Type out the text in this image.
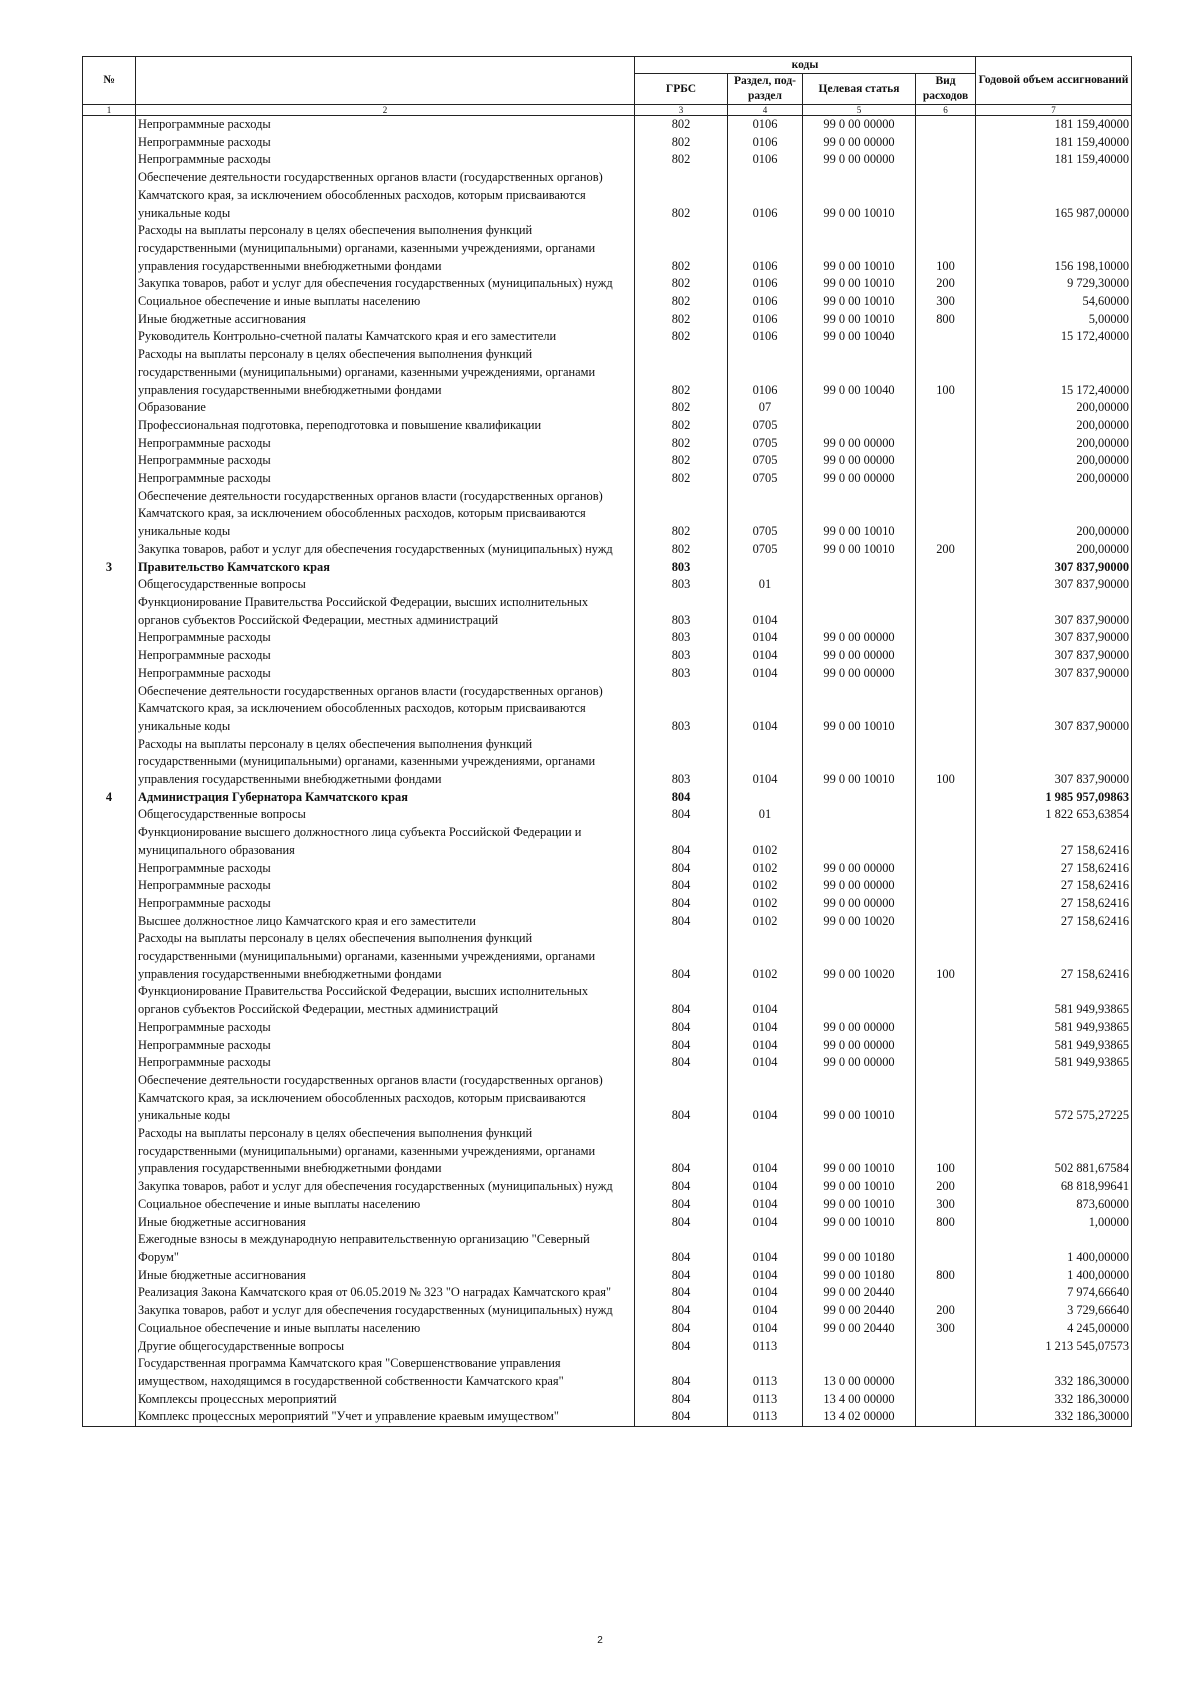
№		коды				Годовой объем ассигнований
		ГРБС	Раздел, под-раздел	Целевая статья	Вид расходов	
1	2	3	4	5	6	7
	Непрограммные расходы	802	0106	99 0 00 00000		181 159,40000
	Непрограммные расходы	802	0106	99 0 00 00000		181 159,40000
	Непрограммные расходы	802	0106	99 0 00 00000		181 159,40000
	Обеспечение деятельности государственных органов власти (государственных органов) Камчатского края, за исключением обособленных расходов, которым присваиваются уникальные коды	802	0106	99 0 00 10010		165 987,00000
	Расходы на выплаты персоналу в целях обеспечения выполнения функций государственными (муниципальными) органами, казенными учреждениями, органами управления государственными внебюджетными фондами	802	0106	99 0 00 10010	100	156 198,10000
	Закупка товаров, работ и услуг для обеспечения государственных (муниципальных) нужд	802	0106	99 0 00 10010	200	9 729,30000
	Социальное обеспечение и иные выплаты населению	802	0106	99 0 00 10010	300	54,60000
	Иные бюджетные ассигнования	802	0106	99 0 00 10010	800	5,00000
	Руководитель Контрольно-счетной палаты Камчатского края и его заместители	802	0106	99 0 00 10040		15 172,40000
	Расходы на выплаты персоналу в целях обеспечения выполнения функций государственными (муниципальными) органами, казенными учреждениями, органами управления государственными внебюджетными фондами	802	0106	99 0 00 10040	100	15 172,40000
	Образование	802	07			200,00000
	Профессиональная подготовка, переподготовка и повышение квалификации	802	0705			200,00000
	Непрограммные расходы	802	0705	99 0 00 00000		200,00000
	Непрограммные расходы	802	0705	99 0 00 00000		200,00000
	Непрограммные расходы	802	0705	99 0 00 00000		200,00000
	Обеспечение деятельности государственных органов власти (государственных органов) Камчатского края, за исключением обособленных расходов, которым присваиваются уникальные коды	802	0705	99 0 00 10010		200,00000
	Закупка товаров, работ и услуг для обеспечения государственных (муниципальных) нужд	802	0705	99 0 00 10010	200	200,00000
3	Правительство Камчатского края	803				307 837,90000
	Общегосударственные вопросы	803	01			307 837,90000
	Функционирование Правительства Российской Федерации, высших исполнительных органов субъектов Российской Федерации, местных администраций	803	0104			307 837,90000
	Непрограммные расходы	803	0104	99 0 00 00000		307 837,90000
	Непрограммные расходы	803	0104	99 0 00 00000		307 837,90000
	Непрограммные расходы	803	0104	99 0 00 00000		307 837,90000
	Обеспечение деятельности государственных органов власти (государственных органов) Камчатского края, за исключением обособленных расходов, которым присваиваются уникальные коды	803	0104	99 0 00 10010		307 837,90000
	Расходы на выплаты персоналу в целях обеспечения выполнения функций государственными (муниципальными) органами, казенными учреждениями, органами управления государственными внебюджетными фондами	803	0104	99 0 00 10010	100	307 837,90000
4	Администрация Губернатора Камчатского края	804				1 985 957,09863
	Общегосударственные вопросы	804	01			1 822 653,63854
	Функционирование высшего должностного лица субъекта Российской Федерации и муниципального образования	804	0102			27 158,62416
	Непрограммные расходы	804	0102	99 0 00 00000		27 158,62416
	Непрограммные расходы	804	0102	99 0 00 00000		27 158,62416
	Непрограммные расходы	804	0102	99 0 00 00000		27 158,62416
	Высшее должностное лицо Камчатского края и его заместители	804	0102	99 0 00 10020		27 158,62416
	Расходы на выплаты персоналу в целях обеспечения выполнения функций государственными (муниципальными) органами, казенными учреждениями, органами управления государственными внебюджетными фондами	804	0102	99 0 00 10020	100	27 158,62416
	Функционирование Правительства Российской Федерации, высших исполнительных органов субъектов Российской Федерации, местных администраций	804	0104			581 949,93865
	Непрограммные расходы	804	0104	99 0 00 00000		581 949,93865
	Непрограммные расходы	804	0104	99 0 00 00000		581 949,93865
	Непрограммные расходы	804	0104	99 0 00 00000		581 949,93865
	Обеспечение деятельности государственных органов власти (государственных органов) Камчатского края, за исключением обособленных расходов, которым присваиваются уникальные коды	804	0104	99 0 00 10010		572 575,27225
	Расходы на выплаты персоналу в целях обеспечения выполнения функций государственными (муниципальными) органами, казенными учреждениями, органами управления государственными внебюджетными фондами	804	0104	99 0 00 10010	100	502 881,67584
	Закупка товаров, работ и услуг для обеспечения государственных (муниципальных) нужд	804	0104	99 0 00 10010	200	68 818,99641
	Социальное обеспечение и иные выплаты населению	804	0104	99 0 00 10010	300	873,60000
	Иные бюджетные ассигнования	804	0104	99 0 00 10010	800	1,00000
	Ежегодные взносы в международную неправительственную организацию "Северный Форум"	804	0104	99 0 00 10180		1 400,00000
	Иные бюджетные ассигнования	804	0104	99 0 00 10180	800	1 400,00000
	Реализация Закона Камчатского края от 06.05.2019 № 323 "О наградах Камчатского края"	804	0104	99 0 00 20440		7 974,66640
	Закупка товаров, работ и услуг для обеспечения государственных (муниципальных) нужд	804	0104	99 0 00 20440	200	3 729,66640
	Социальное обеспечение и иные выплаты населению	804	0104	99 0 00 20440	300	4 245,00000
	Другие общегосударственные вопросы	804	0113			1 213 545,07573
	Государственная программа Камчатского края "Совершенствование управления имуществом, находящимся в государственной собственности Камчатского края"	804	0113	13 0 00 00000		332 186,30000
	Комплексы процессных мероприятий	804	0113	13 4 00 00000		332 186,30000
	Комплекс процессных мероприятий "Учет и управление краевым имуществом"	804	0113	13 4 02 00000		332 186,30000
2
